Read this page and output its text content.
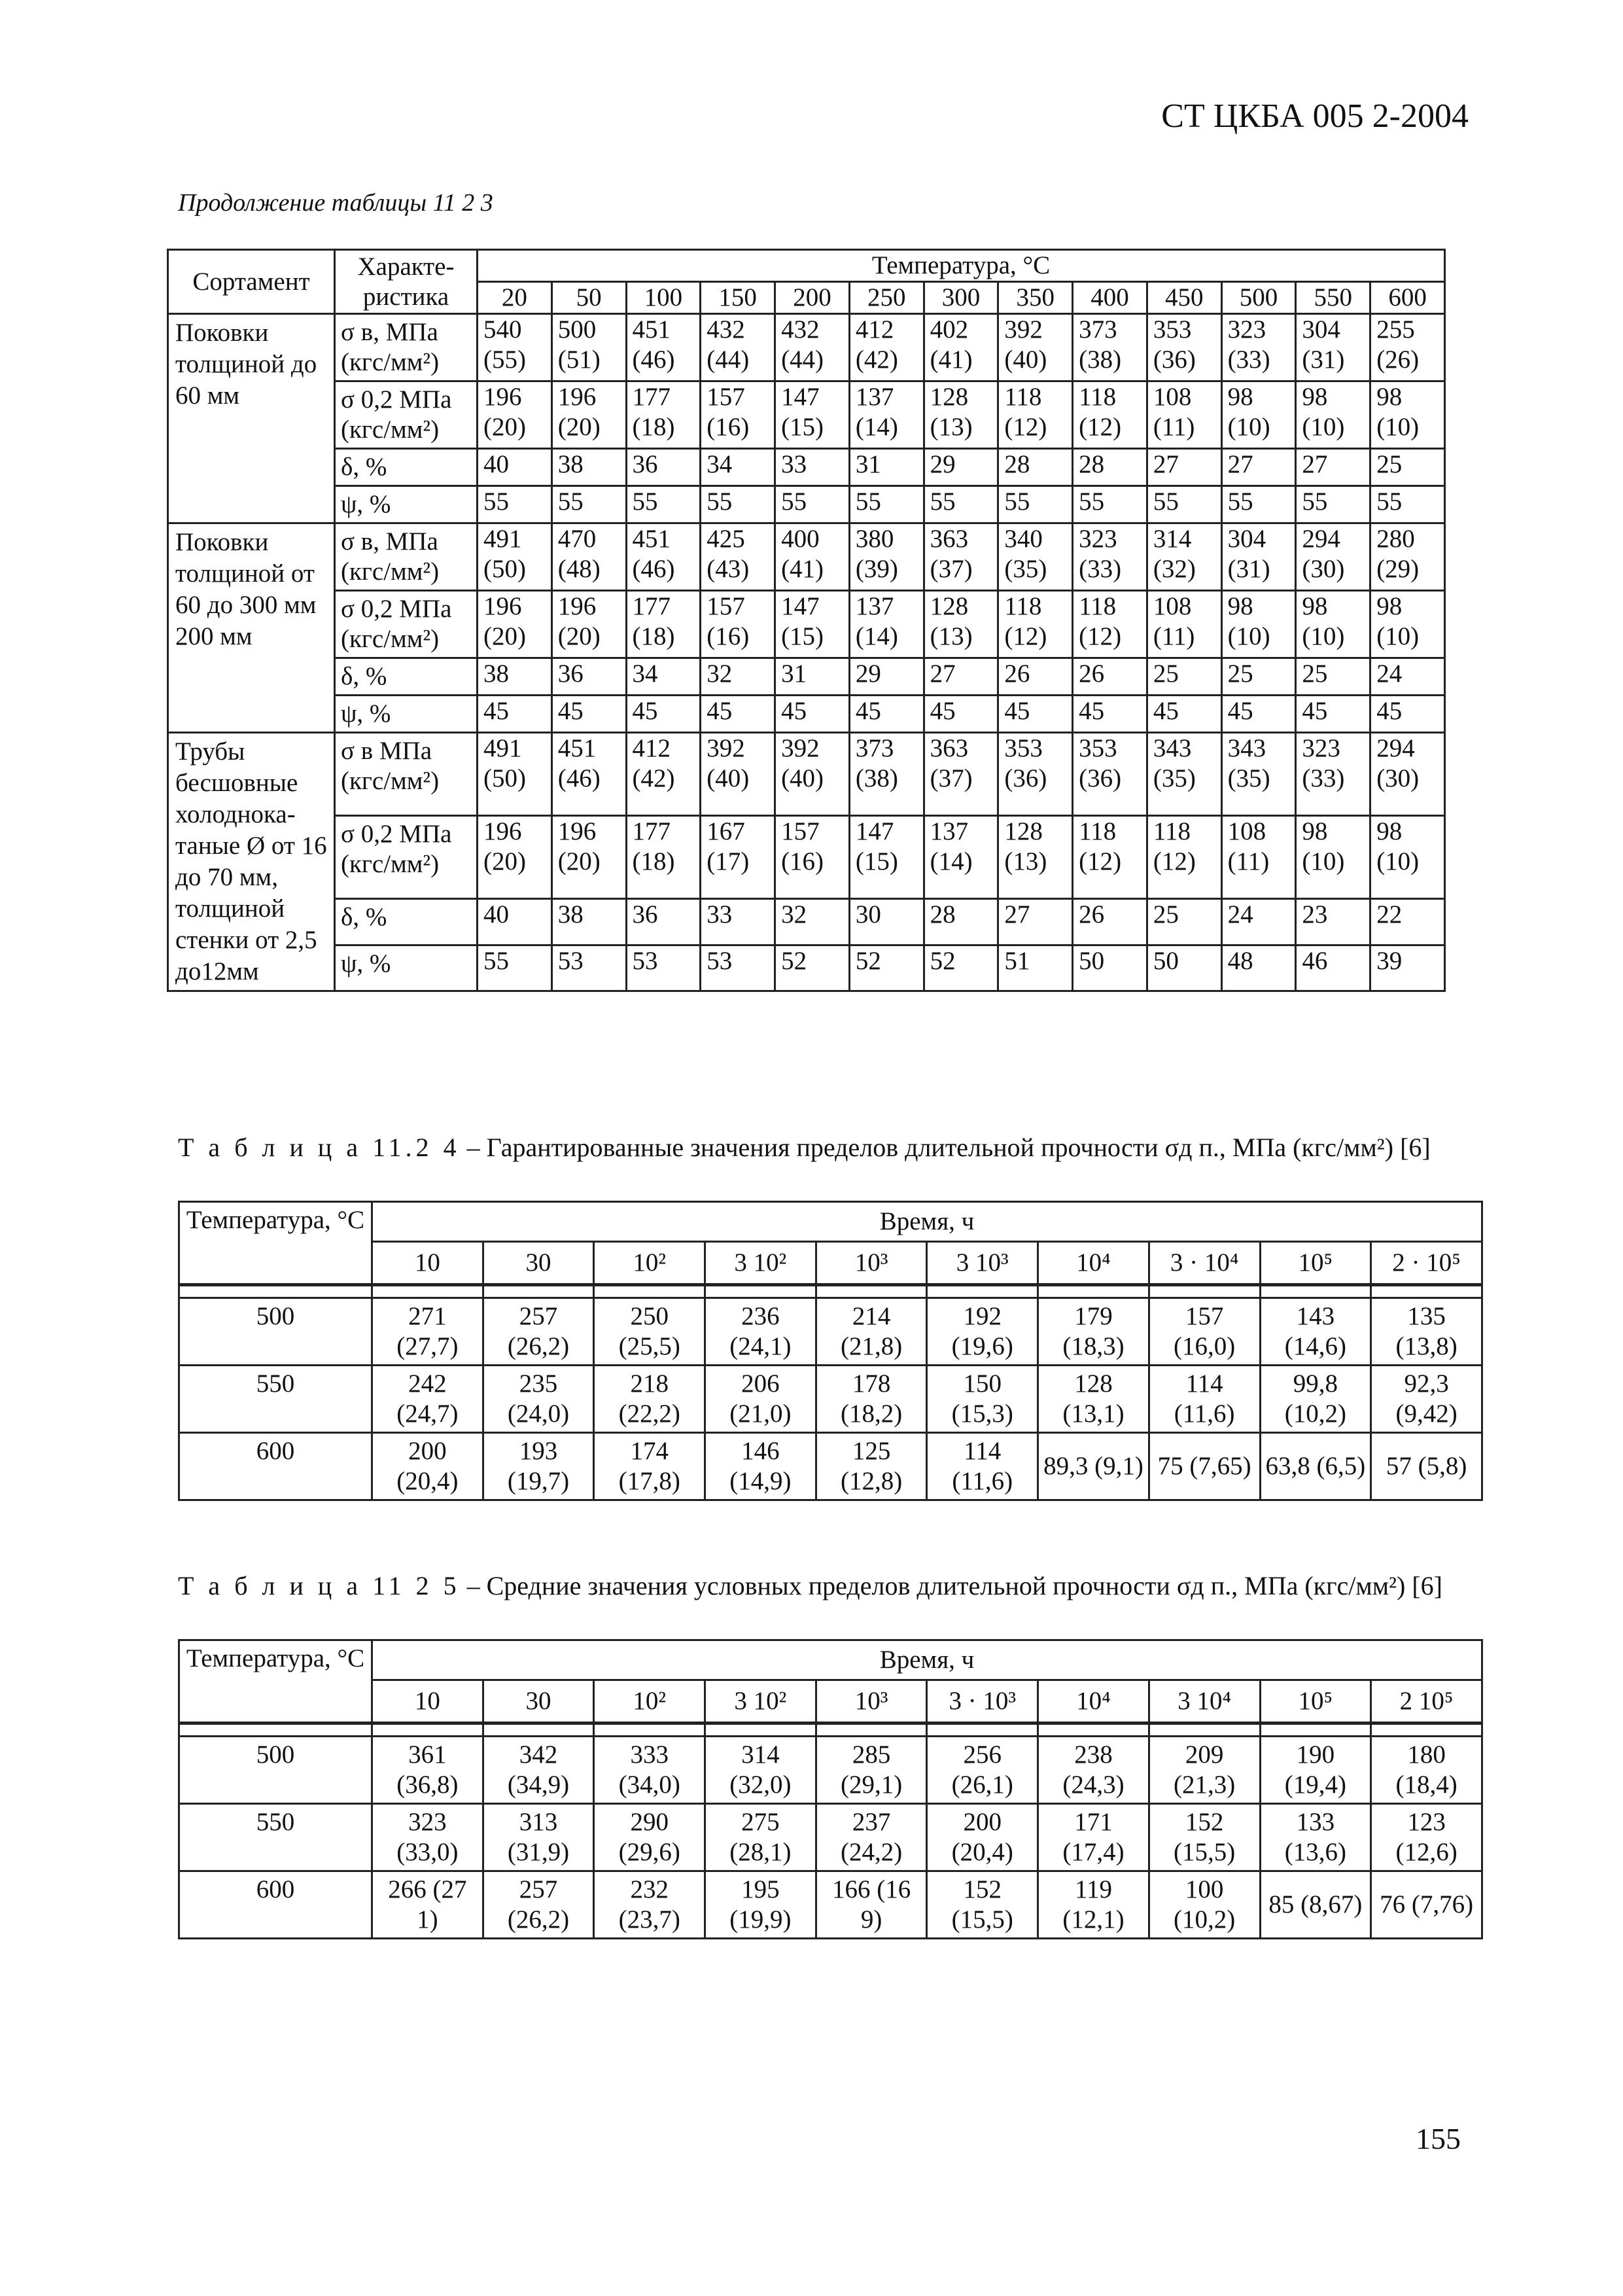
СТ ЦКБА 005 2-2004
Продолжение таблицы 11 2 3
Сортамент	Характе-ристика	Температура, °С												
		20	50	100	150	200	250	300	350	400	450	500	550	600
Поковки толщиной до 60 мм	σ в, МПа (кгс/мм²)	540 (55)	500 (51)	451 (46)	432 (44)	432 (44)	412 (42)	402 (41)	392 (40)	373 (38)	353 (36)	323 (33)	304 (31)	255 (26)
	σ 0,2 МПа (кгс/мм²)	196 (20)	196 (20)	177 (18)	157 (16)	147 (15)	137 (14)	128 (13)	118 (12)	118 (12)	108 (11)	98 (10)	98 (10)	98 (10)
	δ, %	40	38	36	34	33	31	29	28	28	27	27	27	25
	ψ, %	55	55	55	55	55	55	55	55	55	55	55	55	55
Поковки толщиной от 60 до 300 мм 200 мм	σ в, МПа (кгс/мм²)	491 (50)	470 (48)	451 (46)	425 (43)	400 (41)	380 (39)	363 (37)	340 (35)	323 (33)	314 (32)	304 (31)	294 (30)	280 (29)
	σ 0,2 МПа (кгс/мм²)	196 (20)	196 (20)	177 (18)	157 (16)	147 (15)	137 (14)	128 (13)	118 (12)	118 (12)	108 (11)	98 (10)	98 (10)	98 (10)
	δ, %	38	36	34	32	31	29	27	26	26	25	25	25	24
	ψ, %	45	45	45	45	45	45	45	45	45	45	45	45	45
Трубы бесшовные холоднока-таные Ø от 16 до 70 мм, толщиной стенки от 2,5 до12мм	σ в МПа (кгс/мм²)	491 (50)	451 (46)	412 (42)	392 (40)	392 (40)	373 (38)	363 (37)	353 (36)	353 (36)	343 (35)	343 (35)	323 (33)	294 (30)
	σ 0,2 МПа (кгс/мм²)	196 (20)	196 (20)	177 (18)	167 (17)	157 (16)	147 (15)	137 (14)	128 (13)	118 (12)	118 (12)	108 (11)	98 (10)	98 (10)
	δ, %	40	38	36	33	32	30	28	27	26	25	24	23	22
	ψ, %	55	53	53	53	52	52	52	51	50	50	48	46	39
Т а б л и ц а 11.2 4 – Гарантированные значения пределов длительной прочности σд п., МПа (кгс/мм²) [6]
Температура, °С	Время, ч									
	10	30	10²	3 10²	10³	3 10³	10⁴	3 · 10⁴	10⁵	2 · 10⁵

500	271 (27,7)	257 (26,2)	250 (25,5)	236 (24,1)	214 (21,8)	192 (19,6)	179 (18,3)	157 (16,0)	143 (14,6)	135 (13,8)
550	242 (24,7)	235 (24,0)	218 (22,2)	206 (21,0)	178 (18,2)	150 (15,3)	128 (13,1)	114 (11,6)	99,8 (10,2)	92,3 (9,42)
600	200 (20,4)	193 (19,7)	174 (17,8)	146 (14,9)	125 (12,8)	114 (11,6)	89,3 (9,1)	75 (7,65)	63,8 (6,5)	57 (5,8)
Т а б л и ц а 11 2 5 – Средние значения условных пределов длительной прочности σд п., МПа (кгс/мм²) [6]
Температура, °С	Время, ч									
	10	30	10²	3 10²	10³	3 · 10³	10⁴	3 10⁴	10⁵	2 10⁵

500	361 (36,8)	342 (34,9)	333 (34,0)	314 (32,0)	285 (29,1)	256 (26,1)	238 (24,3)	209 (21,3)	190 (19,4)	180 (18,4)
550	323 (33,0)	313 (31,9)	290 (29,6)	275 (28,1)	237 (24,2)	200 (20,4)	171 (17,4)	152 (15,5)	133 (13,6)	123 (12,6)
600	266 (27 1)	257 (26,2)	232 (23,7)	195 (19,9)	166 (16 9)	152 (15,5)	119 (12,1)	100 (10,2)	85 (8,67)	76 (7,76)
155
